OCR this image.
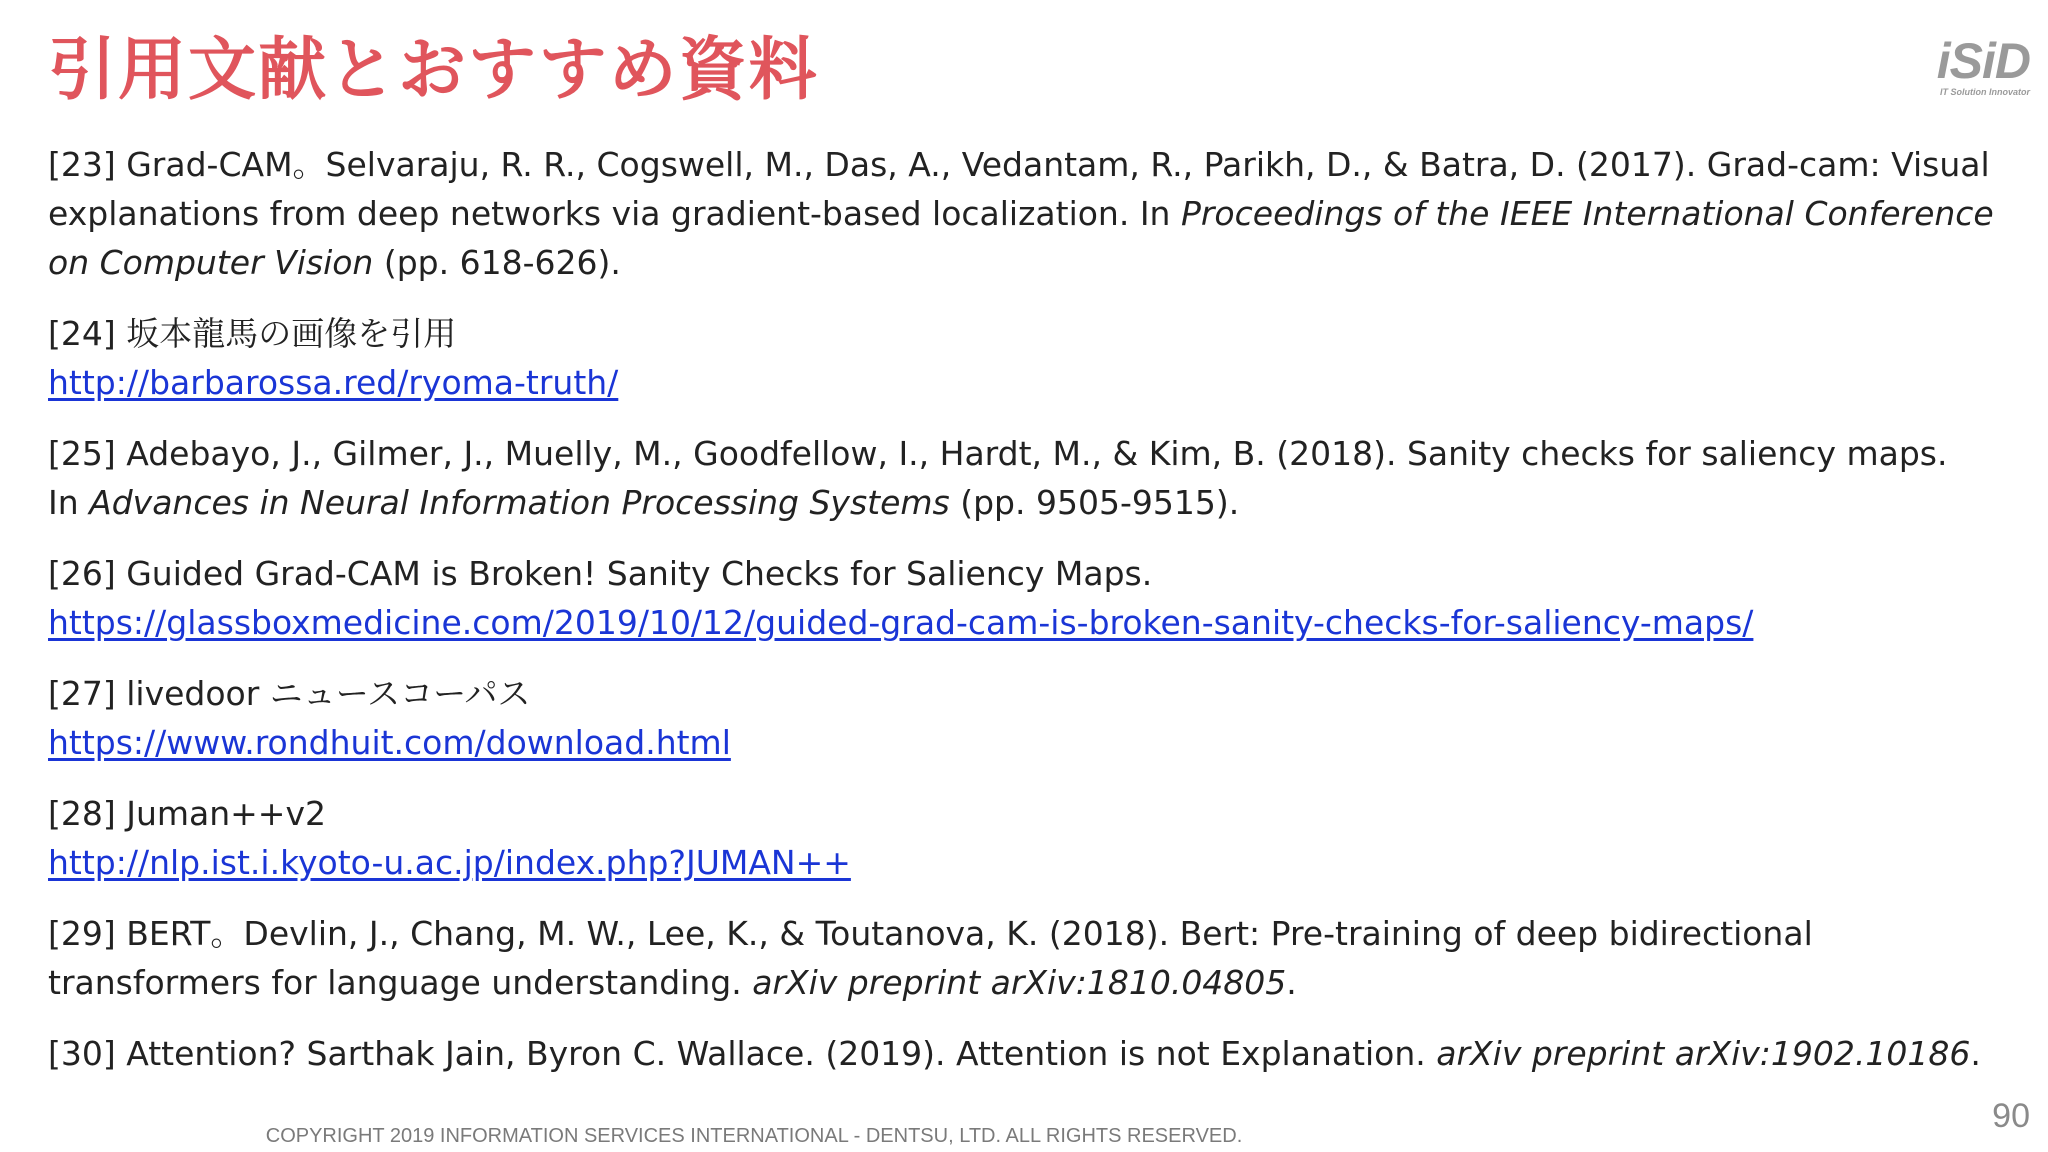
引用文献とおすすめ資料	iSiD
IT Solution Innovator
[23] Grad-CAM。Selvaraju, R. R., Cogswell, M., Das, A., Vedantam, R., Parikh, D., & Batra, D. (2017). Grad-cam: Visual
explanations from deep networks via gradient-based localization. In Proceedings of the IEEE International Conference
on Computer Vision (pp. 618-626).
[24] 坂本龍馬の画像を引用
http://barbarossa.red/ryoma-truth/
[25] Adebayo, J., Gilmer, J., Muelly, M., Goodfellow, I., Hardt, M., & Kim, B. (2018). Sanity checks for saliency maps.
In Advances in Neural Information Processing Systems (pp. 9505-9515).
[26] Guided Grad-CAM is Broken! Sanity Checks for Saliency Maps.
https://glassboxmedicine.com/2019/10/12/guided-grad-cam-is-broken-sanity-checks-for-saliency-maps/
[27] livedoor ニュースコーパス
https://www.rondhuit.com/download.html
[28] Juman++v2
http://nlp.ist.i.kyoto-u.ac.jp/index.php?JUMAN++
[29] BERT。Devlin, J., Chang, M. W., Lee, K., & Toutanova, K. (2018). Bert: Pre-training of deep bidirectional
transformers for language understanding. arXiv preprint arXiv:1810.04805.
[30] Attention? Sarthak Jain, Byron C. Wallace. (2019). Attention is not Explanation. arXiv preprint arXiv:1902.10186.

COPYRIGHT 2019 INFORMATION SERVICES INTERNATIONAL - DENTSU, LTD. ALL RIGHTS RESERVED.

90
